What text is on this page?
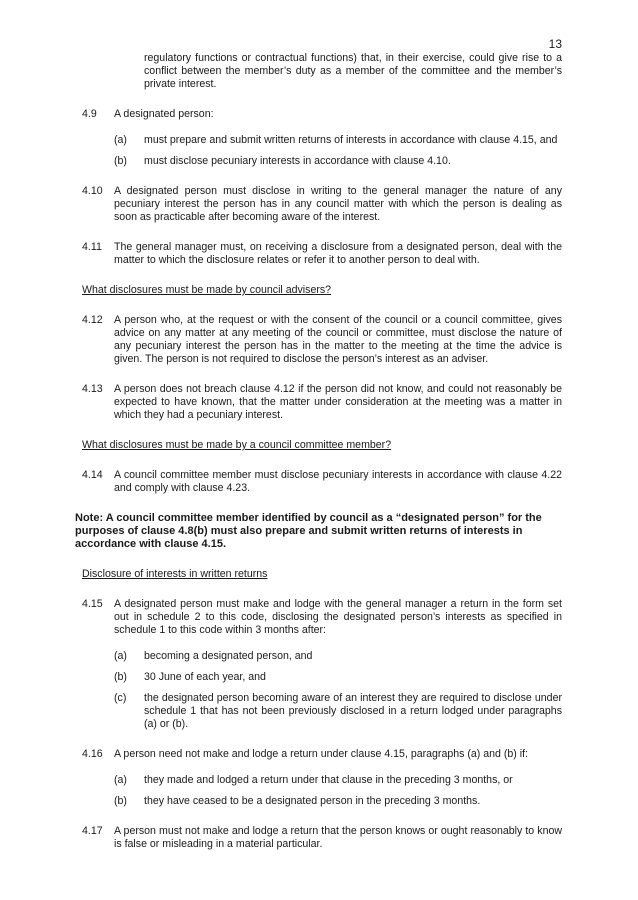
13

regulatory functions or contractual functions) that, in their exercise, could give rise to a conflict between the member’s duty as a member of the committee and the member’s private interest.

4.9 A designated person:
(a) must prepare and submit written returns of interests in accordance with clause 4.15, and
(b) must disclose pecuniary interests in accordance with clause 4.10.
4.10 A designated person must disclose in writing to the general manager the nature of any pecuniary interest the person has in any council matter with which the person is dealing as soon as practicable after becoming aware of the interest.
4.11 The general manager must, on receiving a disclosure from a designated person, deal with the matter to which the disclosure relates or refer it to another person to deal with.
What disclosures must be made by council advisers?
4.12 A person who, at the request or with the consent of the council or a council committee, gives advice on any matter at any meeting of the council or committee, must disclose the nature of any pecuniary interest the person has in the matter to the meeting at the time the advice is given. The person is not required to disclose the person’s interest as an adviser.
4.13 A person does not breach clause 4.12 if the person did not know, and could not reasonably be expected to have known, that the matter under consideration at the meeting was a matter in which they had a pecuniary interest.
What disclosures must be made by a council committee member?
4.14 A council committee member must disclose pecuniary interests in accordance with clause 4.22 and comply with clause 4.23.
Note: A council committee member identified by council as a “designated person” for the purposes of clause 4.8(b) must also prepare and submit written returns of interests in accordance with clause 4.15.
Disclosure of interests in written returns
4.15 A designated person must make and lodge with the general manager a return in the form set out in schedule 2 to this code, disclosing the designated person’s interests as specified in schedule 1 to this code within 3 months after:
(a) becoming a designated person, and
(b) 30 June of each year, and
(c) the designated person becoming aware of an interest they are required to disclose under schedule 1 that has not been previously disclosed in a return lodged under paragraphs (a) or (b).
4.16 A person need not make and lodge a return under clause 4.15, paragraphs (a) and (b) if:
(a) they made and lodged a return under that clause in the preceding 3 months, or
(b) they have ceased to be a designated person in the preceding 3 months.
4.17 A person must not make and lodge a return that the person knows or ought reasonably to know is false or misleading in a material particular.
